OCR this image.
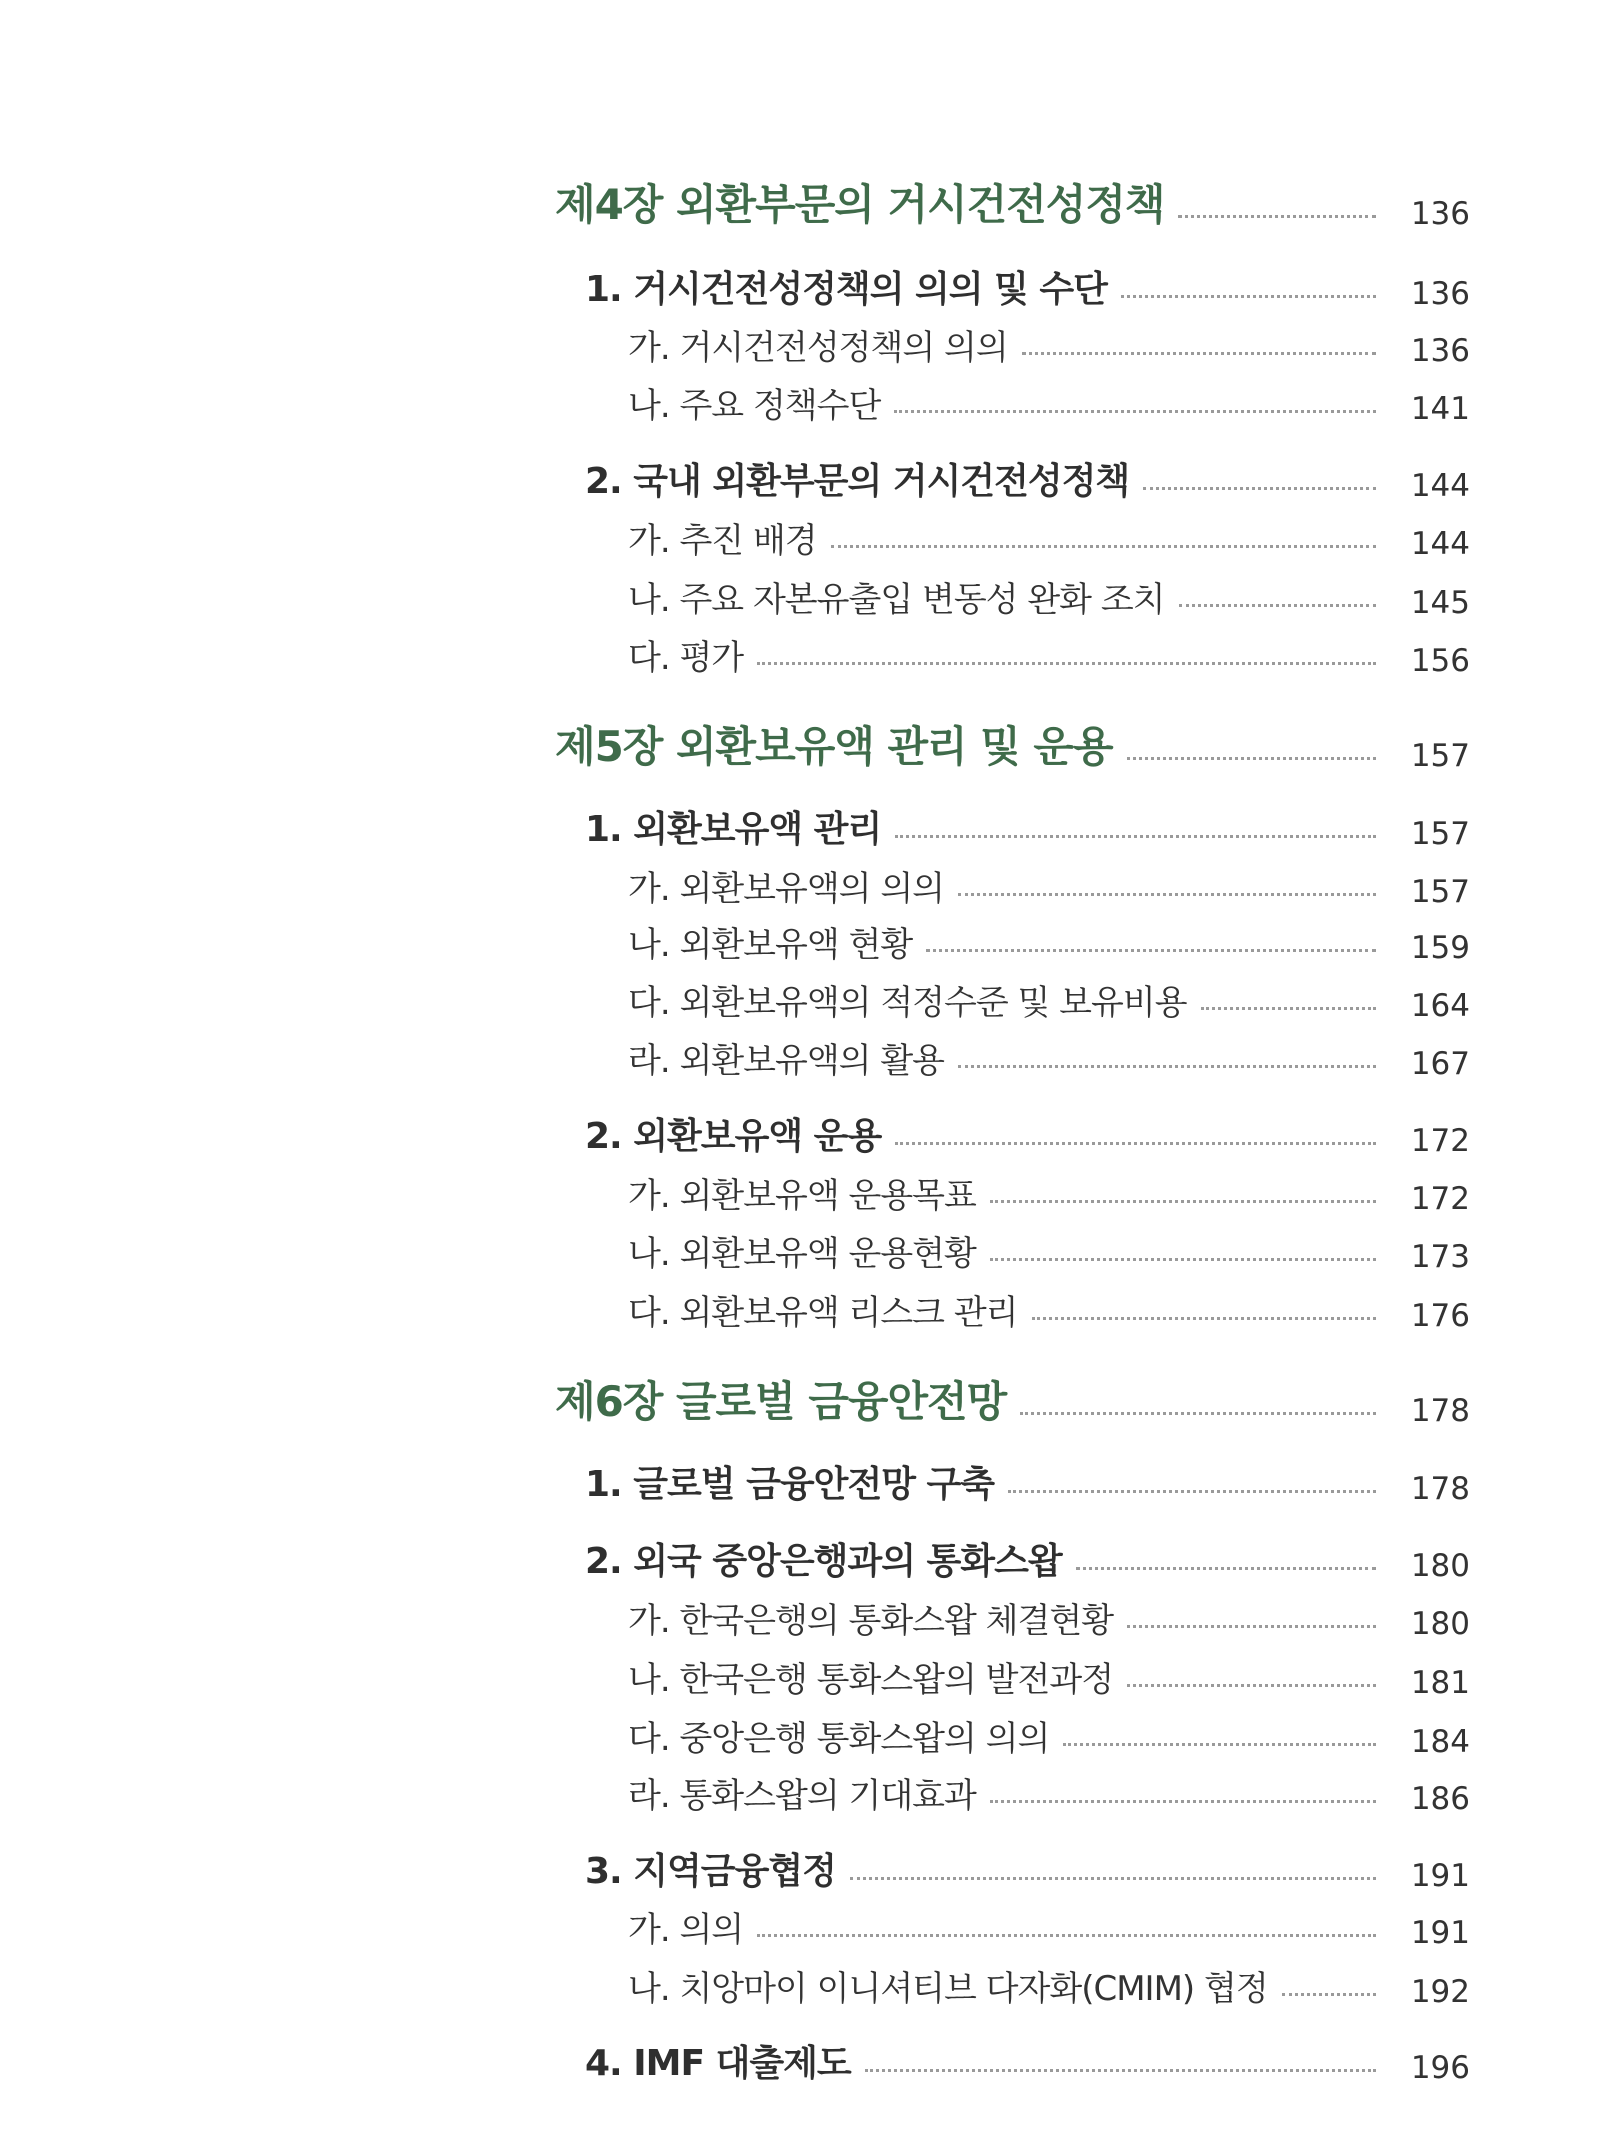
제4장 외환부문의 거시건전성정책	136
1. 거시건전성정책의 의의 및 수단	136
가. 거시건전성정책의 의의	136
나. 주요 정책수단	141
2. 국내 외환부문의 거시건전성정책	144
가. 추진 배경	144
나. 주요 자본유출입 변동성 완화 조치	145
다. 평가	156
제5장 외환보유액 관리 및 운용	157
1. 외환보유액 관리	157
가. 외환보유액의 의의	157
나. 외환보유액 현황	159
다. 외환보유액의 적정수준 및 보유비용	164
라. 외환보유액의 활용	167
2. 외환보유액 운용	172
가. 외환보유액 운용목표	172
나. 외환보유액 운용현황	173
다. 외환보유액 리스크 관리	176
제6장 글로벌 금융안전망	178
1. 글로벌 금융안전망 구축	178
2. 외국 중앙은행과의 통화스왑	180
가. 한국은행의 통화스왑 체결현황	180
나. 한국은행 통화스왑의 발전과정	181
다. 중앙은행 통화스왑의 의의	184
라. 통화스왑의 기대효과	186
3. 지역금융협정	191
가. 의의	191
나. 치앙마이 이니셔티브 다자화(CMIM) 협정	192
4. IMF 대출제도	196
